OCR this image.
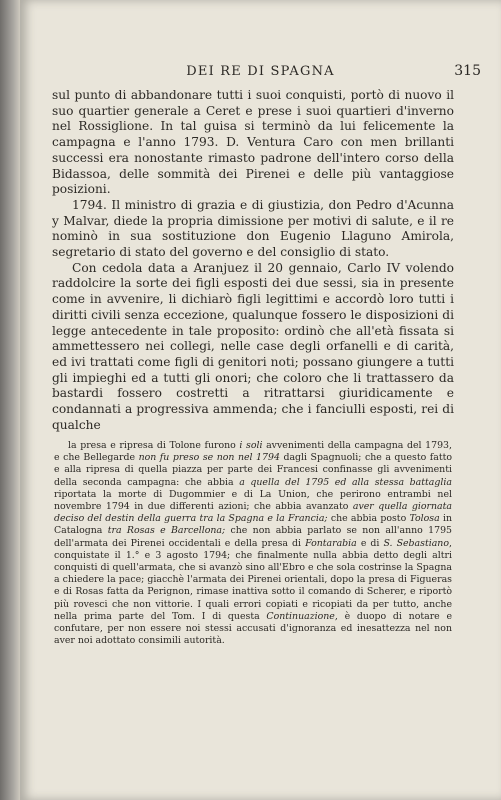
DEI RE DI SPAGNA	315

sul punto di abbandonare tutti i suoi conquisti, portò di nuovo il suo quartier generale a Ceret e prese i suoi quartieri d'inverno nel Rossiglione. In tal guisa si terminò da lui felicemente la campagna e l'anno 1793. D. Ventura Caro con men brillanti successi era nonostante rimasto padrone dell'intero corso della Bidassoa, delle sommità dei Pirenei e delle più vantaggiose posizioni.

1794. Il ministro di grazia e di giustizia, don Pedro d'Acunna y Malvar, diede la propria dimissione per motivi di salute, e il re nominò in sua sostituzione don Eugenio Llaguno Amirola, segretario di stato del governo e del consiglio di stato.

Con cedola data a Aranjuez il 20 gennaio, Carlo IV volendo raddolcire la sorte dei figli esposti dei due sessi, sia in presente come in avvenire, li dichiarò figli legittimi e accordò loro tutti i diritti civili senza eccezione, qualunque fossero le disposizioni di legge antecedente in tale proposito: ordinò che all'età fissata si ammettessero nei collegi, nelle case degli orfanelli e di carità, ed ivi trattati come figli di genitori noti; possano giungere a tutti gli impieghi ed a tutti gli onori; che coloro che li trattassero da bastardi fossero costretti a ritrattarsi giuridicamente e condannati a progressiva ammenda; che i fanciulli esposti, rei di qualche

la presa e ripresa di Tolone furono i soli avvenimenti della campagna del 1793, e che Bellegarde non fu preso se non nel 1794 dagli Spagnuoli; che a questo fatto e alla ripresa di quella piazza per parte dei Francesi confinasse gli avvenimenti della seconda campagna: che abbia a quella del 1795 ed alla stessa battaglia riportata la morte di Dugommier e di La Union, che perirono entrambi nel novembre 1794 in due differenti azioni; che abbia avanzato aver quella giornata deciso del destin della guerra tra la Spagna e la Francia; che abbia posto Tolosa in Catalogna tra Rosas e Barcellona; che non abbia parlato se non all'anno 1795 dell'armata dei Pirenei occidentali e della presa di Fontarabia e di S. Sebastiano, conquistate il 1.° e 3 agosto 1794; che finalmente nulla abbia detto degli altri conquisti di quell'armata, che si avanzò sino all'Ebro e che sola costrinse la Spagna a chiedere la pace; giacchè l'armata dei Pirenei orientali, dopo la presa di Figueras e di Rosas fatta da Perignon, rimase inattiva sotto il comando di Scherer, e riportò più rovesci che non vittorie. I quali errori copiati e ricopiati da per tutto, anche nella prima parte del Tom. I di questa Continuazione, è duopo di notare e confutare, per non essere noi stessi accusati d'ignoranza ed inesattezza nel non aver noi adottato consimili autorità.
